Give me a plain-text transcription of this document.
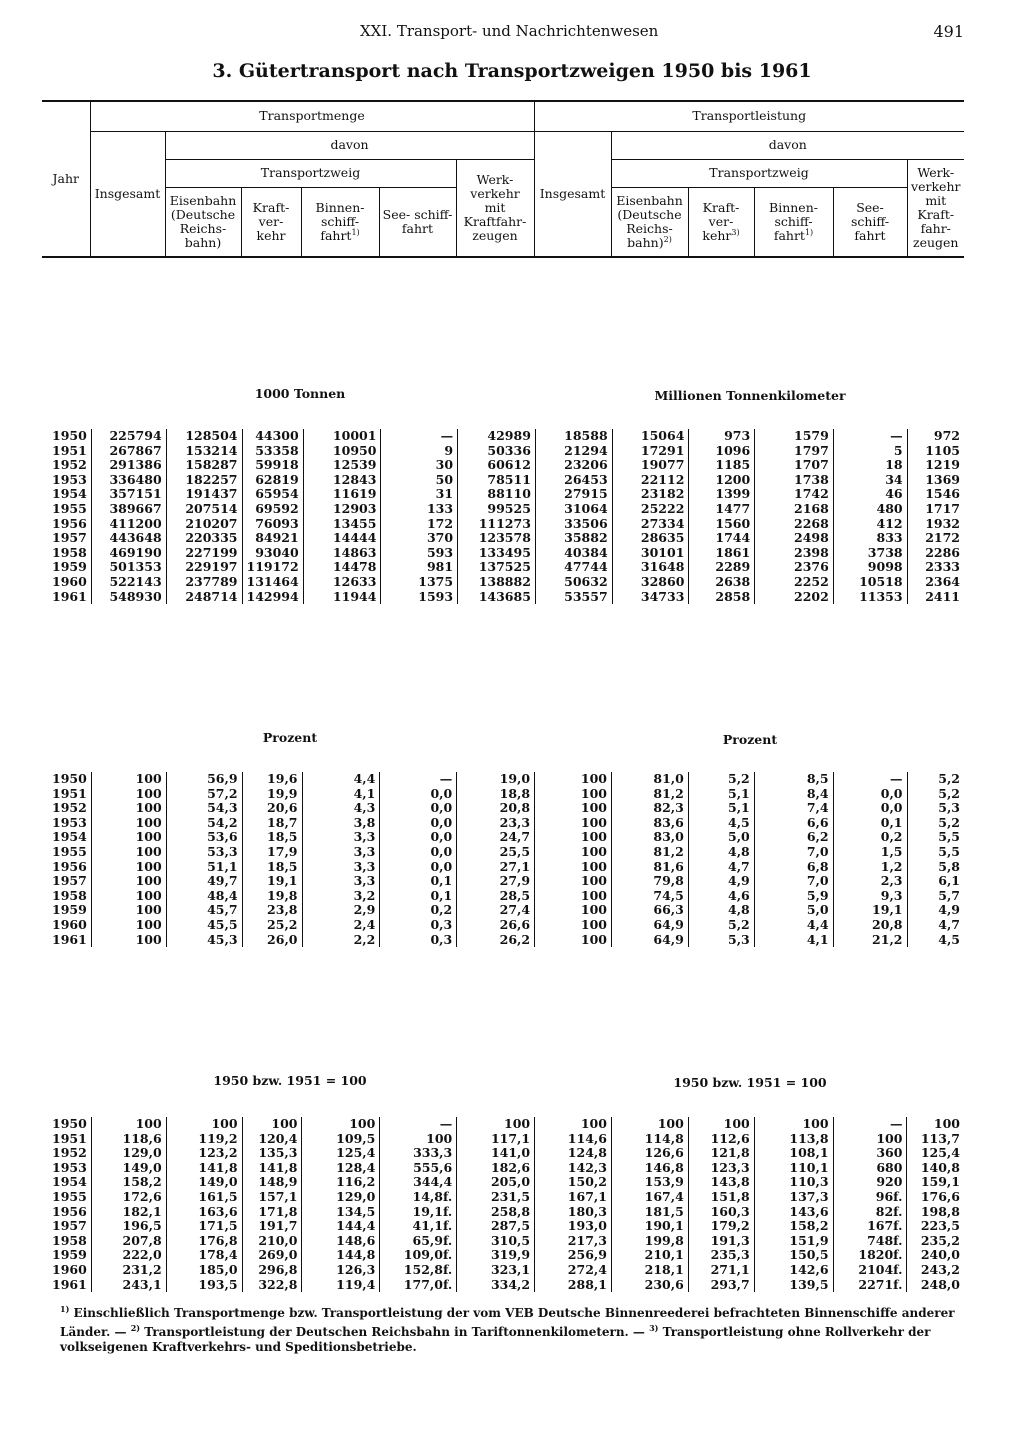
XXI. Transport- und Nachrichtenwesen	491
3. Gütertransport nach Transportzweigen 1950 bis 1961
Jahr	Transportmenge						Transportleistung					
	Insgesamt	davon					Insgesamt	davon				
		Transportzweig				Werk- verkehr mit Kraftfahr- zeugen		Transportzweig				Werk- verkehr mit Kraft- fahr- zeugen
		Eisenbahn (Deutsche Reichs- bahn)	Kraft- ver- kehr	Binnen- schiff- fahrt$^{1)}$	See- schiff- fahrt			Eisenbahn (Deutsche Reichs- bahn)$^{2)}$	Kraft- ver- kehr$^{3)}$	Binnen- schiff- fahrt$^{1)}$	See- schiff- fahrt	
1000 Tonnen	Millionen Tonnenkilometer
1950	225794	128504	44300	10001	—	42989	18588	15064	973	1579	—	972
1951	267867	153214	53358	10950	9	50336	21294	17291	1096	1797	5	1105
1952	291386	158287	59918	12539	30	60612	23206	19077	1185	1707	18	1219
1953	336480	182257	62819	12843	50	78511	26453	22112	1200	1738	34	1369
1954	357151	191437	65954	11619	31	88110	27915	23182	1399	1742	46	1546
1955	389667	207514	69592	12903	133	99525	31064	25222	1477	2168	480	1717
1956	411200	210207	76093	13455	172	111273	33506	27334	1560	2268	412	1932
1957	443648	220335	84921	14444	370	123578	35882	28635	1744	2498	833	2172
1958	469190	227199	93040	14863	593	133495	40384	30101	1861	2398	3738	2286
1959	501353	229197	119172	14478	981	137525	47744	31648	2289	2376	9098	2333
1960	522143	237789	131464	12633	1375	138882	50632	32860	2638	2252	10518	2364
1961	548930	248714	142994	11944	1593	143685	53557	34733	2858	2202	11353	2411
Prozent	Prozent
1950	100	56,9	19,6	4,4	—	19,0	100	81,0	5,2	8,5	—	5,2
1951	100	57,2	19,9	4,1	0,0	18,8	100	81,2	5,1	8,4	0,0	5,2
1952	100	54,3	20,6	4,3	0,0	20,8	100	82,3	5,1	7,4	0,0	5,3
1953	100	54,2	18,7	3,8	0,0	23,3	100	83,6	4,5	6,6	0,1	5,2
1954	100	53,6	18,5	3,3	0,0	24,7	100	83,0	5,0	6,2	0,2	5,5
1955	100	53,3	17,9	3,3	0,0	25,5	100	81,2	4,8	7,0	1,5	5,5
1956	100	51,1	18,5	3,3	0,0	27,1	100	81,6	4,7	6,8	1,2	5,8
1957	100	49,7	19,1	3,3	0,1	27,9	100	79,8	4,9	7,0	2,3	6,1
1958	100	48,4	19,8	3,2	0,1	28,5	100	74,5	4,6	5,9	9,3	5,7
1959	100	45,7	23,8	2,9	0,2	27,4	100	66,3	4,8	5,0	19,1	4,9
1960	100	45,5	25,2	2,4	0,3	26,6	100	64,9	5,2	4,4	20,8	4,7
1961	100	45,3	26,0	2,2	0,3	26,2	100	64,9	5,3	4,1	21,2	4,5
1950 bzw. 1951 = 100	1950 bzw. 1951 = 100
1950	100	100	100	100	—	100	100	100	100	100	—	100
1951	118,6	119,2	120,4	109,5	100	117,1	114,6	114,8	112,6	113,8	100	113,7
1952	129,0	123,2	135,3	125,4	333,3	141,0	124,8	126,6	121,8	108,1	360	125,4
1953	149,0	141,8	141,8	128,4	555,6	182,6	142,3	146,8	123,3	110,1	680	140,8
1954	158,2	149,0	148,9	116,2	344,4	205,0	150,2	153,9	143,8	110,3	920	159,1
1955	172,6	161,5	157,1	129,0	14,8f.	231,5	167,1	167,4	151,8	137,3	96f.	176,6
1956	182,1	163,6	171,8	134,5	19,1f.	258,8	180,3	181,5	160,3	143,6	82f.	198,8
1957	196,5	171,5	191,7	144,4	41,1f.	287,5	193,0	190,1	179,2	158,2	167f.	223,5
1958	207,8	176,8	210,0	148,6	65,9f.	310,5	217,3	199,8	191,3	151,9	748f.	235,2
1959	222,0	178,4	269,0	144,8	109,0f.	319,9	256,9	210,1	235,3	150,5	1820f.	240,0
1960	231,2	185,0	296,8	126,3	152,8f.	323,1	272,4	218,1	271,1	142,6	2104f.	243,2
1961	243,1	193,5	322,8	119,4	177,0f.	334,2	288,1	230,6	293,7	139,5	2271f.	248,0

$^{1)}$ Einschließlich Transportmenge bzw. Transportleistung der vom VEB Deutsche Binnenreederei befrachteten Binnenschiffe anderer Länder. — $^{2)}$ Transportleistung der Deutschen Reichsbahn in Tariftonnenkilometern. — $^{3)}$ Transportleistung ohne Rollverkehr der volkseigenen Kraftverkehrs- und Speditionsbetriebe.
